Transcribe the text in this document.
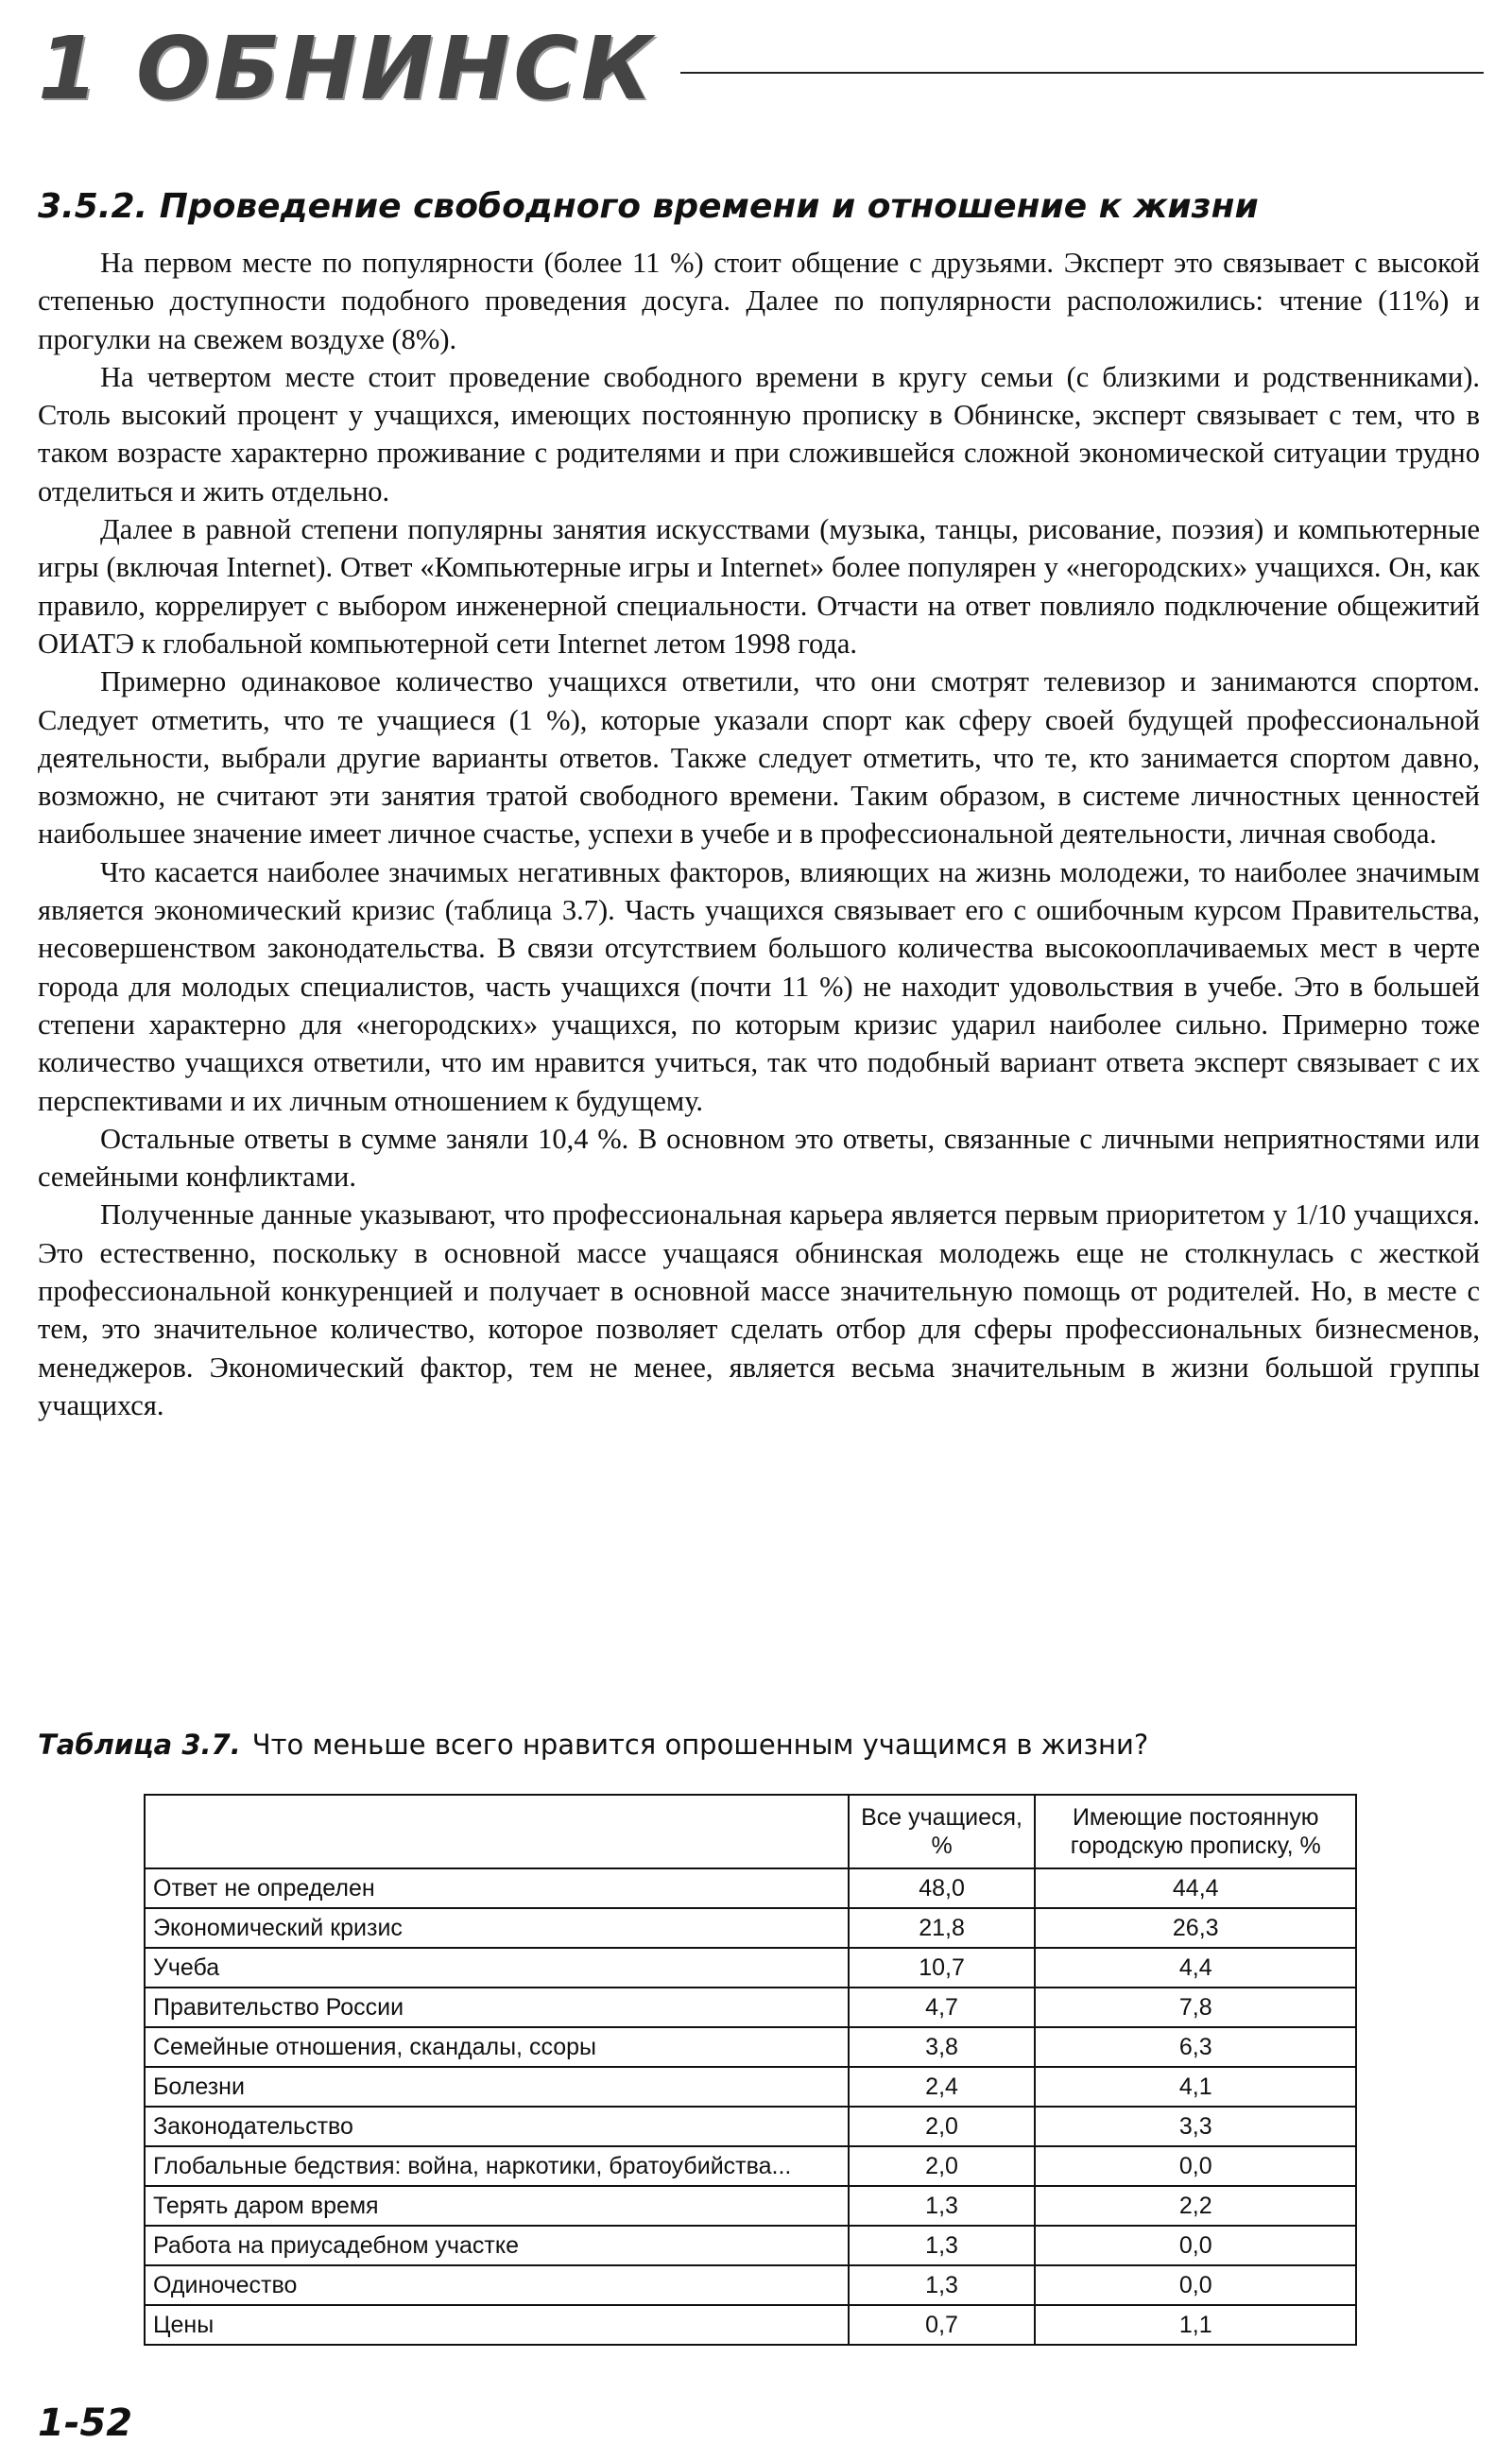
1 ОБНИНСК
3.5.2. Проведение свободного времени и отношение к жизни

На первом месте по популярности (более 11 %) стоит общение с друзьями. Эксперт это связывает с высокой степенью доступности подобного проведения досуга. Далее по популярности расположились: чтение (11%) и прогулки на свежем воздухе (8%).

На четвертом месте стоит проведение свободного времени в кругу семьи (с близкими и родственниками). Столь высокий процент у учащихся, имеющих постоянную прописку в Обнинске, эксперт связывает с тем, что в таком возрасте характерно проживание с родителями и при сложившейся сложной экономической ситуации трудно отделиться и жить отдельно.

Далее в равной степени популярны занятия искусствами (музыка, танцы, рисование, поэзия) и компьютерные игры (включая Internet). Ответ «Компьютерные игры и Internet» более популярен у «негородских» учащихся. Он, как правило, коррелирует с выбором инженерной специальности. Отчасти на ответ повлияло подключение общежитий ОИАТЭ к глобальной компьютерной сети Internet летом 1998 года.

Примерно одинаковое количество учащихся ответили, что они смотрят телевизор и занимаются спортом. Следует отметить, что те учащиеся (1 %), которые указали спорт как сферу своей будущей профессиональной деятельности, выбрали другие варианты ответов. Также следует отметить, что те, кто занимается спортом давно, возможно, не считают эти занятия тратой свободного времени. Таким образом, в системе личностных ценностей наибольшее значение имеет личное счастье, успехи в учебе и в профессиональной деятельности, личная свобода.

Что касается наиболее значимых негативных факторов, влияющих на жизнь молодежи, то наиболее значимым является экономический кризис (таблица 3.7). Часть учащихся связывает его с ошибочным курсом Правительства, несовершенством законодательства. В связи отсутствием большого количества высокооплачиваемых мест в черте города для молодых специалистов, часть учащихся (почти 11 %) не находит удовольствия в учебе. Это в большей степени характерно для «негородских» учащихся, по которым кризис ударил наиболее сильно. Примерно тоже количество учащихся ответили, что им нравится учиться, так что подобный вариант ответа эксперт связывает с их перспективами и их личным отношением к будущему.

Остальные ответы в сумме заняли 10,4 %. В основном это ответы, связанные с личными неприятностями или семейными конфликтами.

Полученные данные указывают, что профессиональная карьера является первым приоритетом у 1/10 учащихся. Это естественно, поскольку в основной массе учащаяся обнинская молодежь еще не столкнулась с жесткой профессиональной конкуренцией и получает в основной массе значительную помощь от родителей. Но, в месте с тем, это значительное количество, которое позволяет сделать отбор для сферы профессиональных бизнесменов, менеджеров. Экономический фактор, тем не менее, является весьма значительным в жизни большой группы учащихся.

Таблица 3.7. Что меньше всего нравится опрошенным учащимся в жизни?
	Все учащиеся, %	Имеющие постоянную городскую прописку, %
Ответ не определен	48,0	44,4
Экономический кризис	21,8	26,3
Учеба	10,7	4,4
Правительство России	4,7	7,8
Семейные отношения, скандалы, ссоры	3,8	6,3
Болезни	2,4	4,1
Законодательство	2,0	3,3
Глобальные бедствия: война, наркотики, братоубийства...	2,0	0,0
Терять даром время	1,3	2,2
Работа на приусадебном участке	1,3	0,0
Одиночество	1,3	0,0
Цены	0,7	1,1
1-52
